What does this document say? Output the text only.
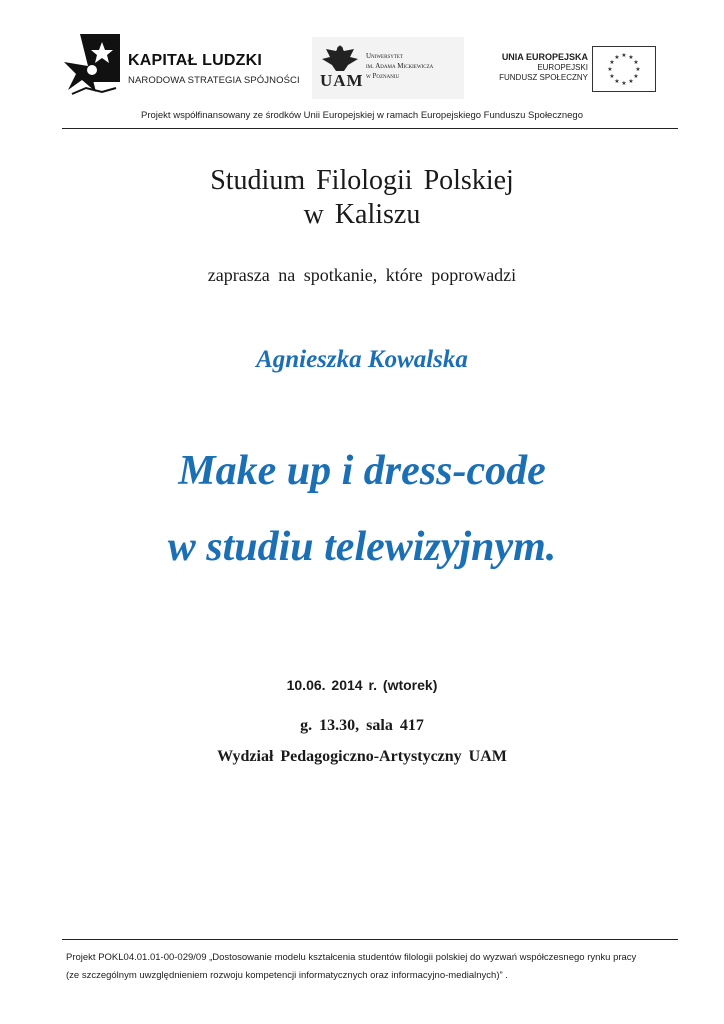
KAPITAŁ LUDZKI
NARODOWA STRATEGIA SPÓJNOŚCI UAM
Uniwersytet
im. Adama Mickiewicza
w Poznaniu
UNIA EUROPEJSKA
EUROPEJSKI
FUNDUSZ SPOŁECZNY
★ ★
★
★
★
★
★
★
★
★
★
★
Projekt współfinansowany ze środków Unii Europejskiej w ramach Europejskiego Funduszu Społecznego
Studium Filologii Polskiej
w Kaliszu
zaprasza na spotkanie, które poprowadzi
Agnieszka Kowalska
Make up i dress-code
w studiu telewizyjnym.
10.06. 2014 r. (wtorek)
g. 13.30, sala 417
Wydział Pedagogiczno-Artystyczny UAM
Projekt POKL04.01.01-00-029/09 „Dostosowanie modelu kształcenia studentów filologii polskiej do wyzwań współczesnego rynku pracy
(ze szczególnym uwzględnieniem rozwoju kompetencji informatycznych oraz informacyjno-medialnych)” .
